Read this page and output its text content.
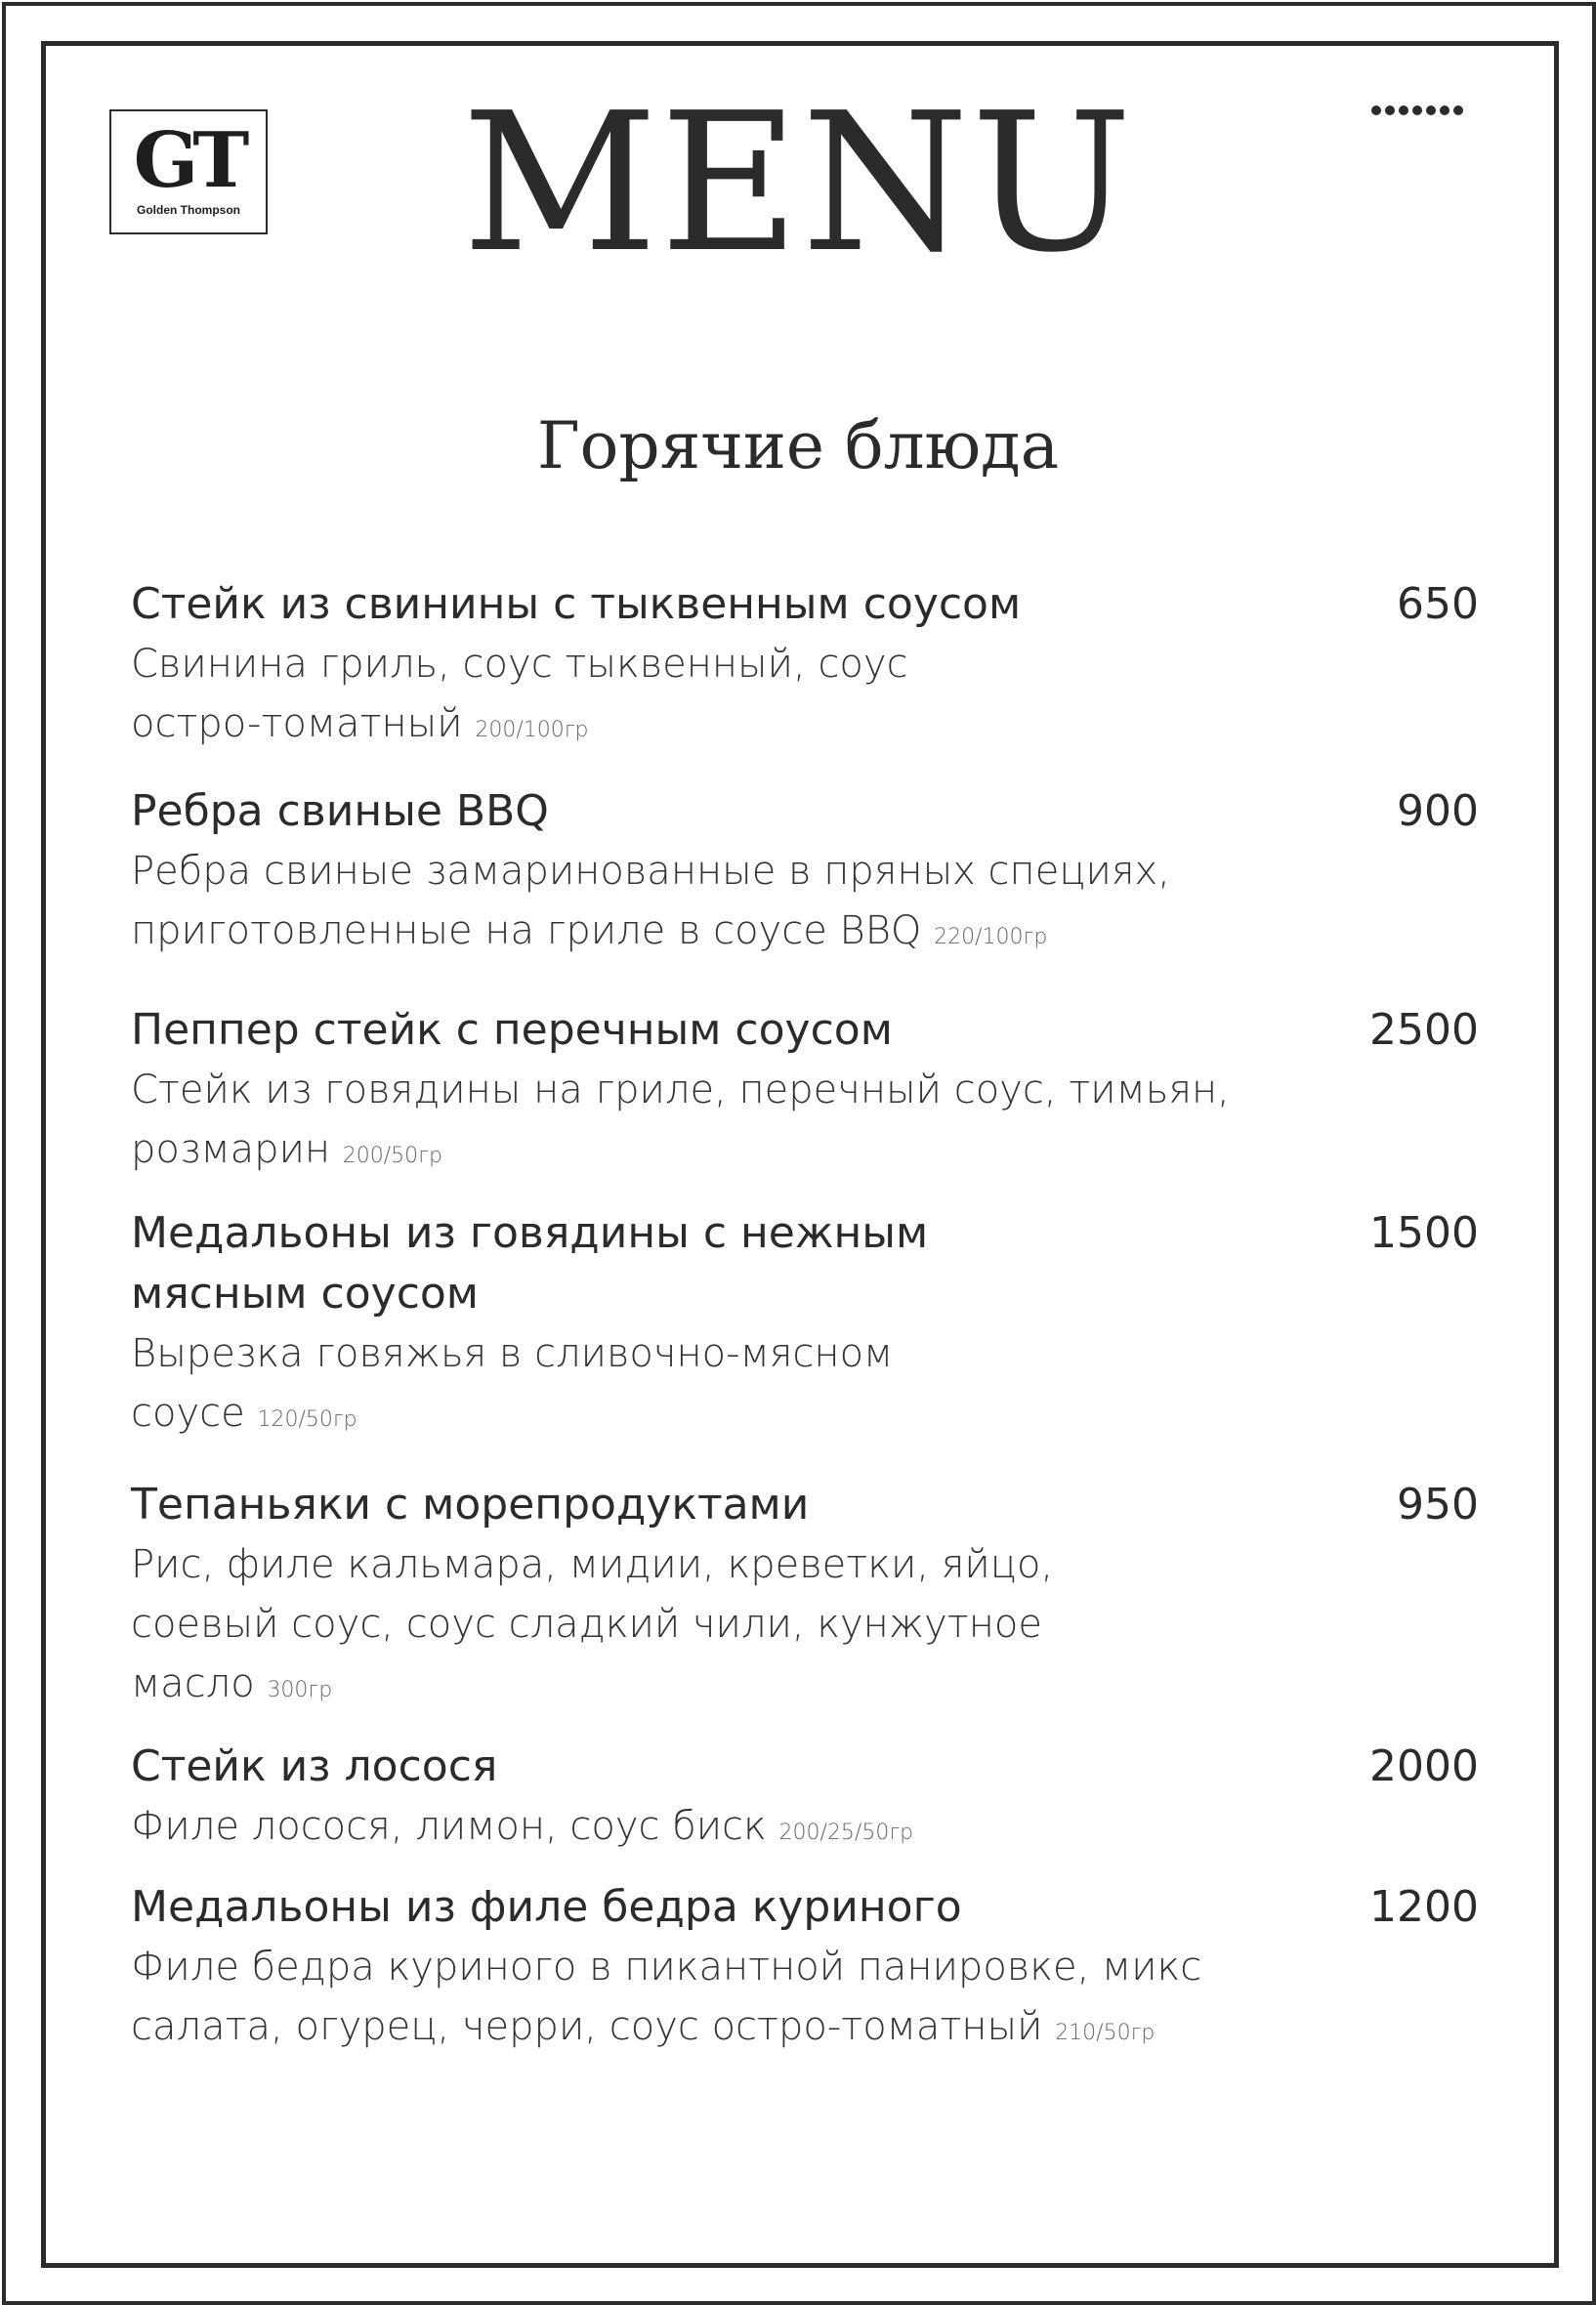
GT
Golden Thompson	MENU
Горячие блюда
Стейк из свинины с тыквенным соусом	650
Свинина гриль, соус тыквенный, соус острo-томатный 200/100гр
Ребра свиные BBQ	900
Ребра свиные замаринованные в пряных специях, приготовленные на гриле в соусе BBQ 220/100гр
Пеппер стейк с перечным соусом	2500
Стейк из говядины на гриле, перечный соус, тимьян, розмарин 200/50гр
Медальоны из говядины с нежным мясным соусом
1500
Вырезка говяжья в сливочно-мясном соусе 120/50гр
Тепаньяки с морепродуктами	950
Рис, филе кальмара, мидии, креветки, яйцо, соевый соус, соус сладкий чили, кунжутное масло 300гр
Стейк из лосося	2000
Филе лосося, лимон, соус биск 200/25/50гр
Медальоны из филе бедра куриного	1200
Филе бедра куриного в пикантной панировке, микс салата, огурец, черри, соус остро-томатный 210/50гр
